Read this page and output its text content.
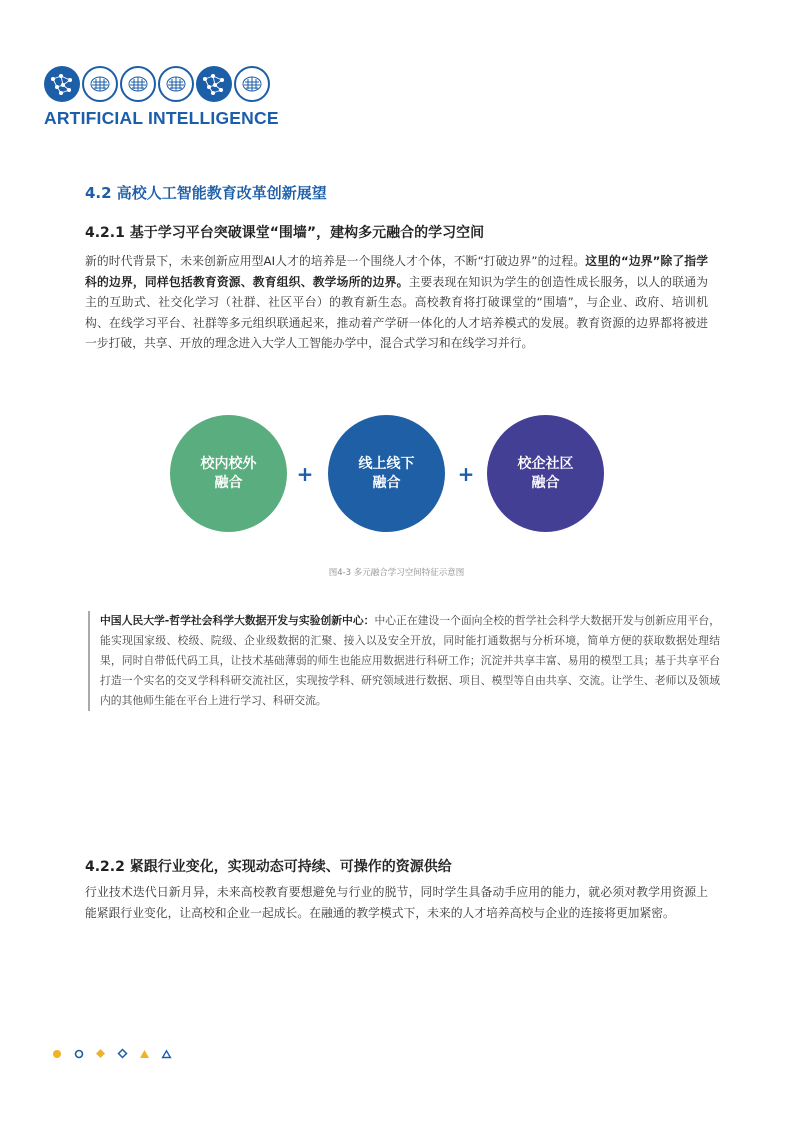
ARTIFICIAL INTELLIGENCE
4.2 高校人工智能教育改革创新展望
4.2.1 基于学习平台突破课堂“围墙”，建构多元融合的学习空间

新的时代背景下，未来创新应用型AI人才的培养是一个围绕人才个体，不断“打破边界”的过程。这里的“边界”除了指学科的边界，同样包括教育资源、教育组织、教学场所的边界。主要表现在知识为学生的创造性成长服务，以人的联通为主的互助式、社交化学习（社群、社区平台）的教育新生态。高校教育将打破课堂的“围墙”，与企业、政府、培训机构、在线学习平台、社群等多元组织联通起来，推动着产学研一体化的人才培养模式的发展。教育资源的边界都将被进一步打破，共享、开放的理念进入大学人工智能办学中，混合式学习和在线学习并行。

校内校外
融合	+	线上线下
融合	+	校企社区
融合

图4-3 多元融合学习空间特征示意图

中国人民大学-哲学社会科学大数据开发与实验创新中心：中心正在建设一个面向全校的哲学社会科学大数据开发与创新应用平台，能实现国家级、校级、院级、企业级数据的汇聚、接入以及安全开放，同时能打通数据与分析环境，简单方便的获取数据处理结果，同时自带低代码工具，让技术基础薄弱的师生也能应用数据进行科研工作；沉淀并共享丰富、易用的模型工具；基于共享平台打造一个实名的交叉学科科研交流社区，实现按学科、研究领域进行数据、项目、模型等自由共享、交流。让学生、老师以及领域内的其他师生能在平台上进行学习、科研交流。
4.2.2 紧跟行业变化，实现动态可持续、可操作的资源供给

行业技术迭代日新月异，未来高校教育要想避免与行业的脱节，同时学生具备动手应用的能力，就必须对教学用资源上能紧跟行业变化，让高校和企业一起成长。在融通的教学模式下，未来的人才培养高校与企业的连接将更加紧密。
